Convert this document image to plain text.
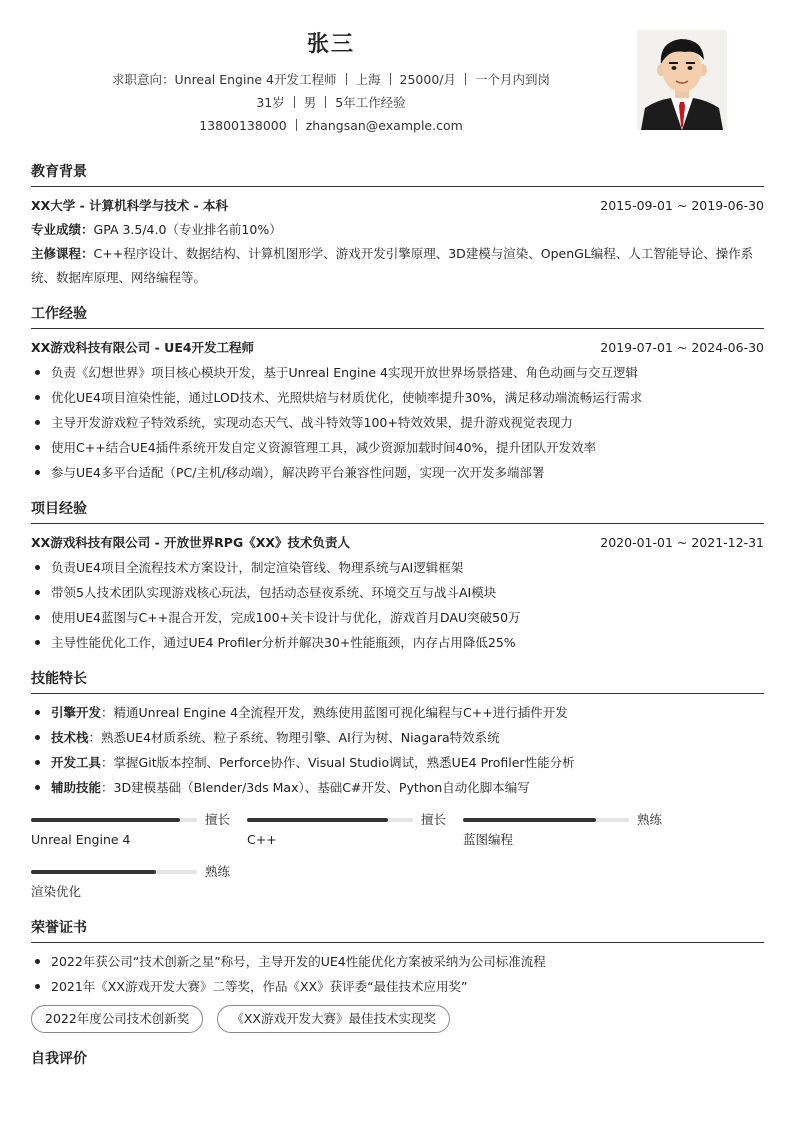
张三
求职意向：Unreal Engine 4开发工程师 上海 25000/月 一个月内到岗
31岁 男 5年工作经验
13800138000 zhangsan@example.com
教育背景
XX大学 - 计算机科学与技术 - 本科	2015-09-01 ~ 2019-06-30
专业成绩：GPA 3.5/4.0（专业排名前10%）
主修课程：C++程序设计、数据结构、计算机图形学、游戏开发引擎原理、3D建模与渲染、OpenGL编程、人工智能导论、操作系统、数据库原理、网络编程等。
工作经验
XX游戏科技有限公司 - UE4开发工程师	2019-07-01 ~ 2024-06-30
负责《幻想世界》项目核心模块开发，基于Unreal Engine 4实现开放世界场景搭建、角色动画与交互逻辑
优化UE4项目渲染性能，通过LOD技术、光照烘焙与材质优化，使帧率提升30%，满足移动端流畅运行需求
主导开发游戏粒子特效系统，实现动态天气、战斗特效等100+特效效果，提升游戏视觉表现力
使用C++结合UE4插件系统开发自定义资源管理工具，减少资源加载时间40%，提升团队开发效率
参与UE4多平台适配（PC/主机/移动端），解决跨平台兼容性问题，实现一次开发多端部署
项目经验
XX游戏科技有限公司 - 开放世界RPG《XX》技术负责人	2020-01-01 ~ 2021-12-31
负责UE4项目全流程技术方案设计，制定渲染管线、物理系统与AI逻辑框架
带领5人技术团队实现游戏核心玩法，包括动态昼夜系统、环境交互与战斗AI模块
使用UE4蓝图与C++混合开发，完成100+关卡设计与优化，游戏首月DAU突破50万
主导性能优化工作，通过UE4 Profiler分析并解决30+性能瓶颈，内存占用降低25%
技能特长
引擎开发：精通Unreal Engine 4全流程开发，熟练使用蓝图可视化编程与C++进行插件开发
技术栈：熟悉UE4材质系统、粒子系统、物理引擎、AI行为树、Niagara特效系统
开发工具：掌握Git版本控制、Perforce协作、Visual Studio调试，熟悉UE4 Profiler性能分析
辅助技能：3D建模基础（Blender/3ds Max）、基础C#开发、Python自动化脚本编写
擅长
Unreal Engine 4
擅长
C++
熟练
蓝图编程
熟练
渲染优化
荣誉证书
2022年获公司“技术创新之星”称号，主导开发的UE4性能优化方案被采纳为公司标准流程
2021年《XX游戏开发大赛》二等奖，作品《XX》获评委“最佳技术应用奖”
2022年度公司技术创新奖	《XX游戏开发大赛》最佳技术实现奖
自我评价
